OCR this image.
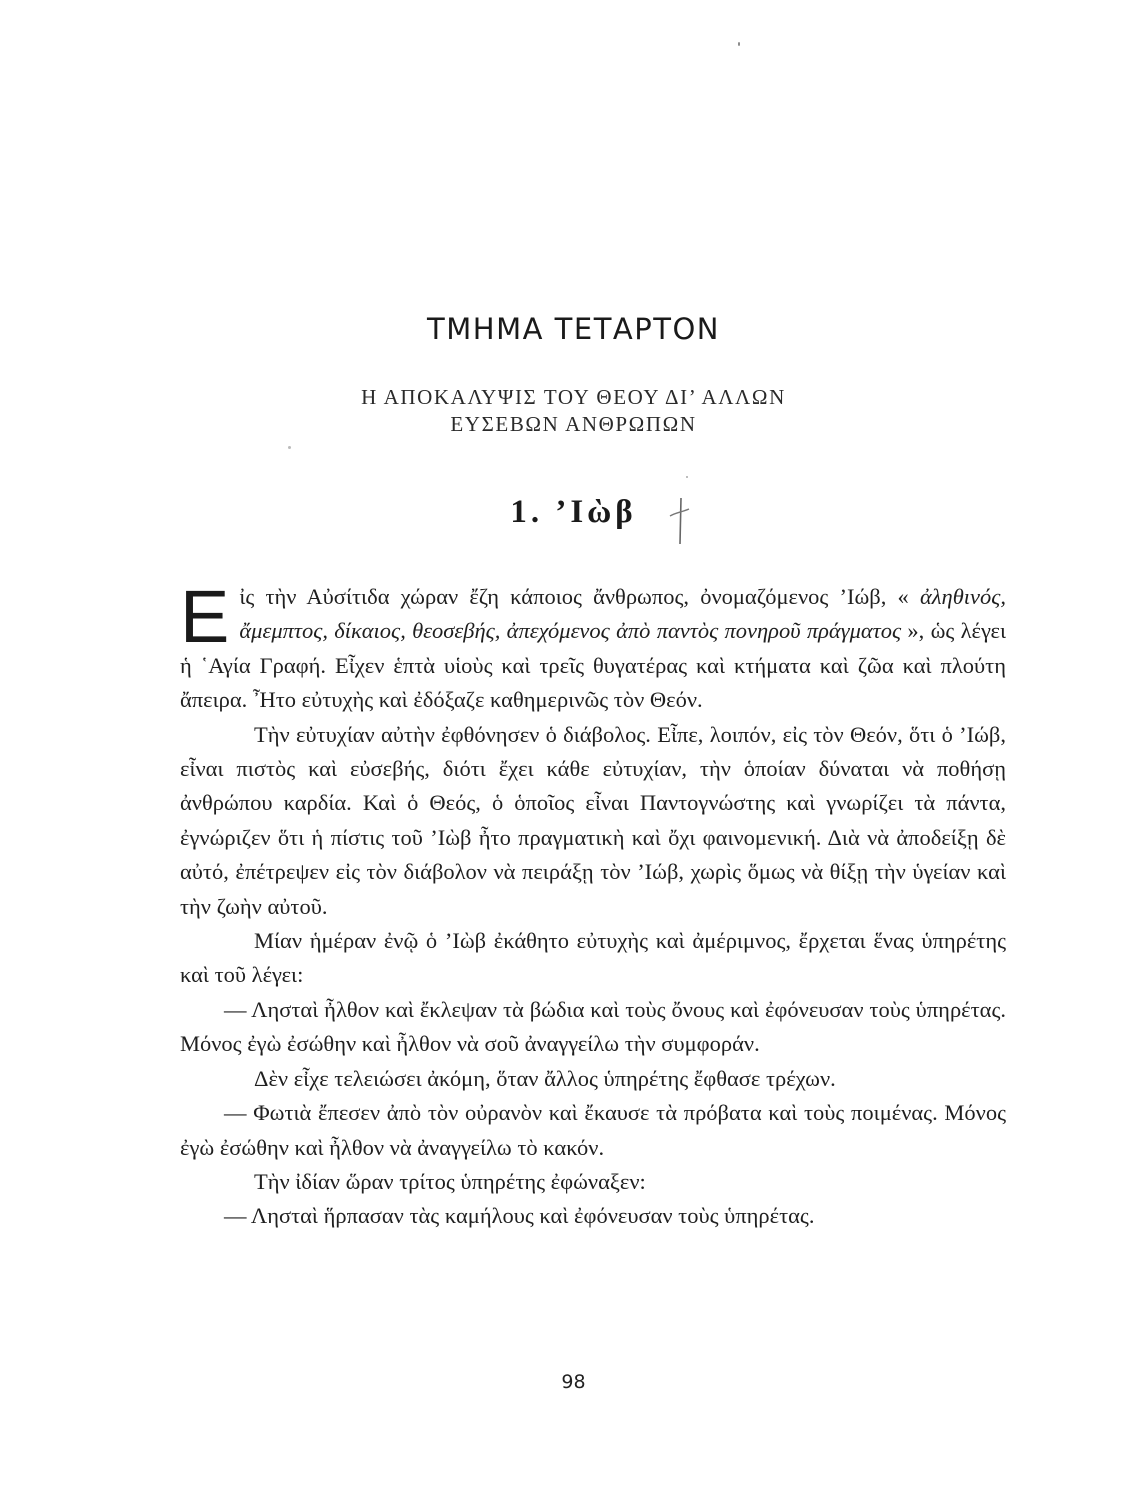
ΤΜΗΜΑ ΤΕΤΑΡΤΟΝ
Η ΑΠΟΚΑΛΥΨΙΣ ΤΟΥ ΘΕΟΥ ΔΙ’ ΑΛΛΩΝ
ΕΥΣΕΒΩΝ ΑΝΘΡΩΠΩΝ
1. ’Ιὼβ

Εἰς τὴν Αὐσίτιδα χώραν ἔζη κάποιος ἄνθρωπος, ὀνομαζόμενος ’Ιώβ, « ἀληθινός, ἄμεμπτος, δίκαιος, θεοσεβής, ἀπεχόμενος ἀπὸ παντὸς πονηροῦ πράγματος », ὡς λέγει ἡ ῾Αγία Γραφή. Εἶχεν ἑπτὰ υἱοὺς καὶ τρεῖς θυγατέρας καὶ κτήματα καὶ ζῶα καὶ πλούτη ἄπειρα. Ἦτο εὐτυχὴς καὶ ἐδόξαζε καθημερινῶς τὸν Θεόν.

Τὴν εὐτυχίαν αὐτὴν ἐφθόνησεν ὁ διάβολος. Εἶπε, λοιπόν, εἰς τὸν Θεόν, ὅτι ὁ ’Ιώβ, εἶναι πιστὸς καὶ εὐσεβής, διότι ἔχει κάθε εὐτυχίαν, τὴν ὁποίαν δύναται νὰ ποθήσῃ ἀνθρώπου καρδία. Καὶ ὁ Θεός, ὁ ὁποῖος εἶναι Παντογνώστης καὶ γνωρίζει τὰ πάντα, ἐγνώριζεν ὅτι ἡ πίστις τοῦ ’Ιὼβ ἦτο πραγματικὴ καὶ ὄχι φαινομενική. Διὰ νὰ ἀποδείξῃ δὲ αὐτό, ἐπέτρεψεν εἰς τὸν διάβολον νὰ πειράξῃ τὸν ’Ιώβ, χωρὶς ὅμως νὰ θίξῃ τὴν ὑγείαν καὶ τὴν ζωὴν αὐτοῦ.

Μίαν ἡμέραν ἐνῷ ὁ ’Ιὼβ ἐκάθητο εὐτυχὴς καὶ ἀμέριμνος, ἔρχεται ἕνας ὑπηρέτης καὶ τοῦ λέγει:

— Λησταὶ ἦλθον καὶ ἔκλεψαν τὰ βώδια καὶ τοὺς ὄνους καὶ ἐφόνευσαν τοὺς ὑπηρέτας. Μόνος ἐγὼ ἐσώθην καὶ ἦλθον νὰ σοῦ ἀναγγείλω τὴν συμφοράν.

Δὲν εἶχε τελειώσει ἀκόμη, ὅταν ἄλλος ὑπηρέτης ἔφθασε τρέχων.

— Φωτιὰ ἔπεσεν ἀπὸ τὸν οὐρανὸν καὶ ἔκαυσε τὰ πρόβατα καὶ τοὺς ποιμένας. Μόνος ἐγὼ ἐσώθην καὶ ἦλθον νὰ ἀναγγείλω τὸ κακόν.

Τὴν ἰδίαν ὥραν τρίτος ὑπηρέτης ἐφώναξεν:

— Λησταὶ ἥρπασαν τὰς καμήλους καὶ ἐφόνευσαν τοὺς ὑπηρέτας.

98
